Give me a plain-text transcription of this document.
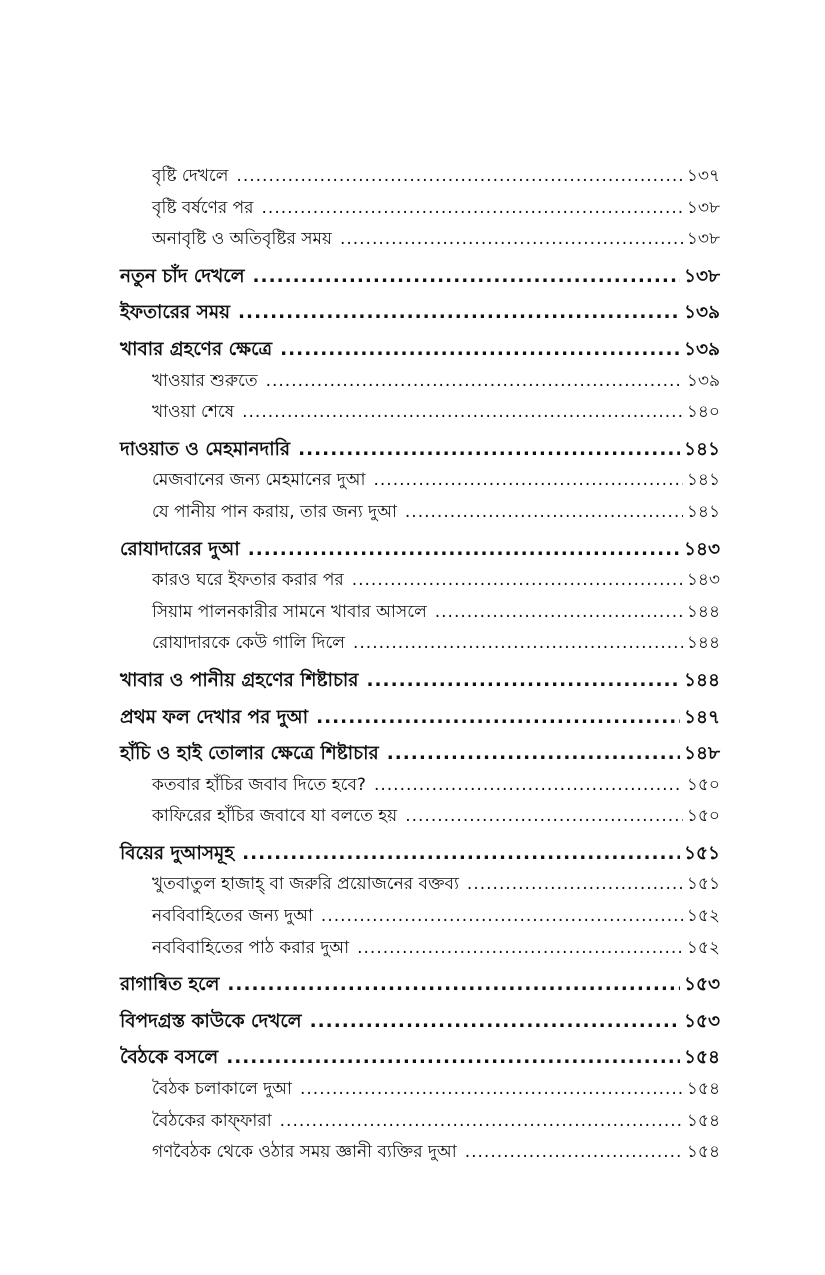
বৃষ্টি দেখলে .....	১৩৭
বৃষ্টি বর্ষণের পর .....	১৩৮
অনাবৃষ্টি ও অতিবৃষ্টির সময় .....	১৩৮
নতুন চাঁদ দেখলে .....	১৩৮
ইফতারের সময় .....	১৩৯
খাবার গ্রহণের ক্ষেত্রে .....	১৩৯
খাওয়ার শুরুতে .....	১৩৯
খাওয়া শেষে .....	১৪০
দাওয়াত ও মেহমানদারি .....	১৪১
মেজবানের জন্য মেহমানের দুআ .....	১৪১
যে পানীয় পান করায়, তার জন্য দুআ .....	১৪১
রোযাদারের দুআ .....	১৪৩
কারও ঘরে ইফতার করার পর .....	১৪৩
সিয়াম পালনকারীর সামনে খাবার আসলে .....	১৪৪
রোযাদারকে কেউ গালি দিলে .....	১৪৪
খাবার ও পানীয় গ্রহণের শিষ্টাচার .....	১৪৪
প্রথম ফল দেখার পর দুআ .....	১৪৭
হাঁচি ও হাই তোলার ক্ষেত্রে শিষ্টাচার .....	১৪৮
কতবার হাঁচির জবাব দিতে হবে? .....	১৫০
কাফিরের হাঁচির জবাবে যা বলতে হয় .....	১৫০
বিয়ের দুআসমূহ .....	১৫১
খুতবাতুল হাজাহ্ বা জরুরি প্রয়োজনের বক্তব্য .....	১৫১
নববিবাহিতের জন্য দুআ .....	১৫২
নববিবাহিতের পাঠ করার দুআ .....	১৫২
রাগান্বিত হলে .....	১৫৩
বিপদগ্রস্ত কাউকে দেখলে .....	১৫৩
বৈঠকে বসলে .....	১৫৪
বৈঠক চলাকালে দুআ .....	১৫৪
বৈঠকের কাফ্ফারা .....	১৫৪
গণবৈঠক থেকে ওঠার সময় জ্ঞানী ব্যক্তির দুআ .....	১৫৪
